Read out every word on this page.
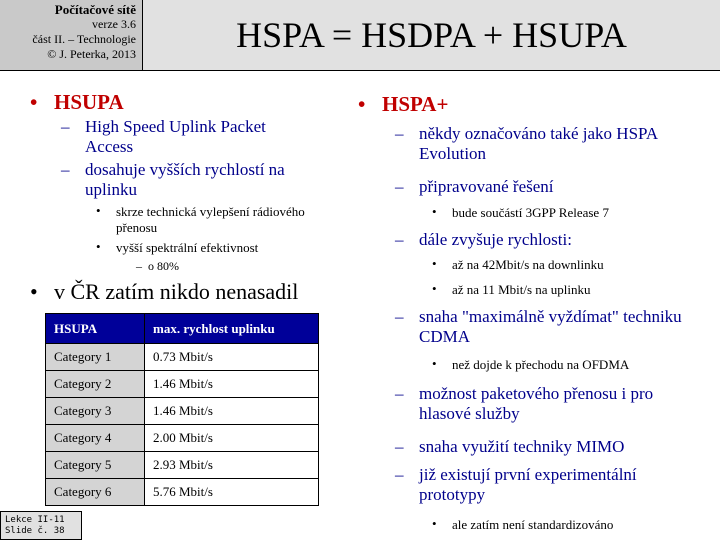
Počítačové sítě
verze 3.6
část II. – Technologie
© J. Peterka, 2013	HSPA = HSDPA + HSUPA
• HSUPA
– High Speed Uplink Packet Access
– dosahuje vyšších rychlostí na uplinku
• skrze technická vylepšení rádiového přenosu
• vyšší spektrální efektivnost
– o 80%
• v ČR zatím nikdo nenasadil
HSUPA	max. rychlost uplinku
Category 1	0.73 Mbit/s
Category 2	1.46 Mbit/s
Category 3	1.46 Mbit/s
Category 4	2.00 Mbit/s
Category 5	2.93 Mbit/s
Category 6	5.76 Mbit/s
• HSPA+
– někdy označováno také jako HSPA Evolution
– připravované řešení
• bude součástí 3GPP Release 7
– dále zvyšuje rychlosti:
• až na 42Mbit/s na downlinku
• až na 11 Mbit/s na uplinku
– snaha "maximálně vyždímat" techniku CDMA
• než dojde k přechodu na OFDMA
– možnost paketového přenosu i pro hlasové služby
– snaha využití techniky MIMO
– již existují první experimentální prototypy
• ale zatím není standardizováno
Lekce II-11
Slide č. 38
